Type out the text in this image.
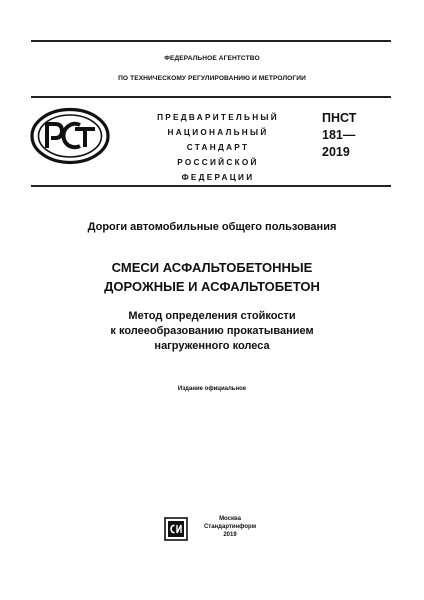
ФЕДЕРАЛЬНОЕ АГЕНТСТВО
ПО ТЕХНИЧЕСКОМУ РЕГУЛИРОВАНИЮ И МЕТРОЛОГИИ
ПРЕДВАРИТЕЛЬНЫЙ
НАЦИОНАЛЬНЫЙ
СТАНДАРТ
РОССИЙСКОЙ
ФЕДЕРАЦИИ
ПНСТ
181—
2019
Дороги автомобильные общего пользования
СМЕСИ АСФАЛЬТОБЕТОННЫЕ
ДОРОЖНЫЕ И АСФАЛЬТОБЕТОН
Метод определения стойкости
к колееобразованию прокатыванием
нагруженного колеса
Издание официальное
Москва
Стандартинформ
2019
